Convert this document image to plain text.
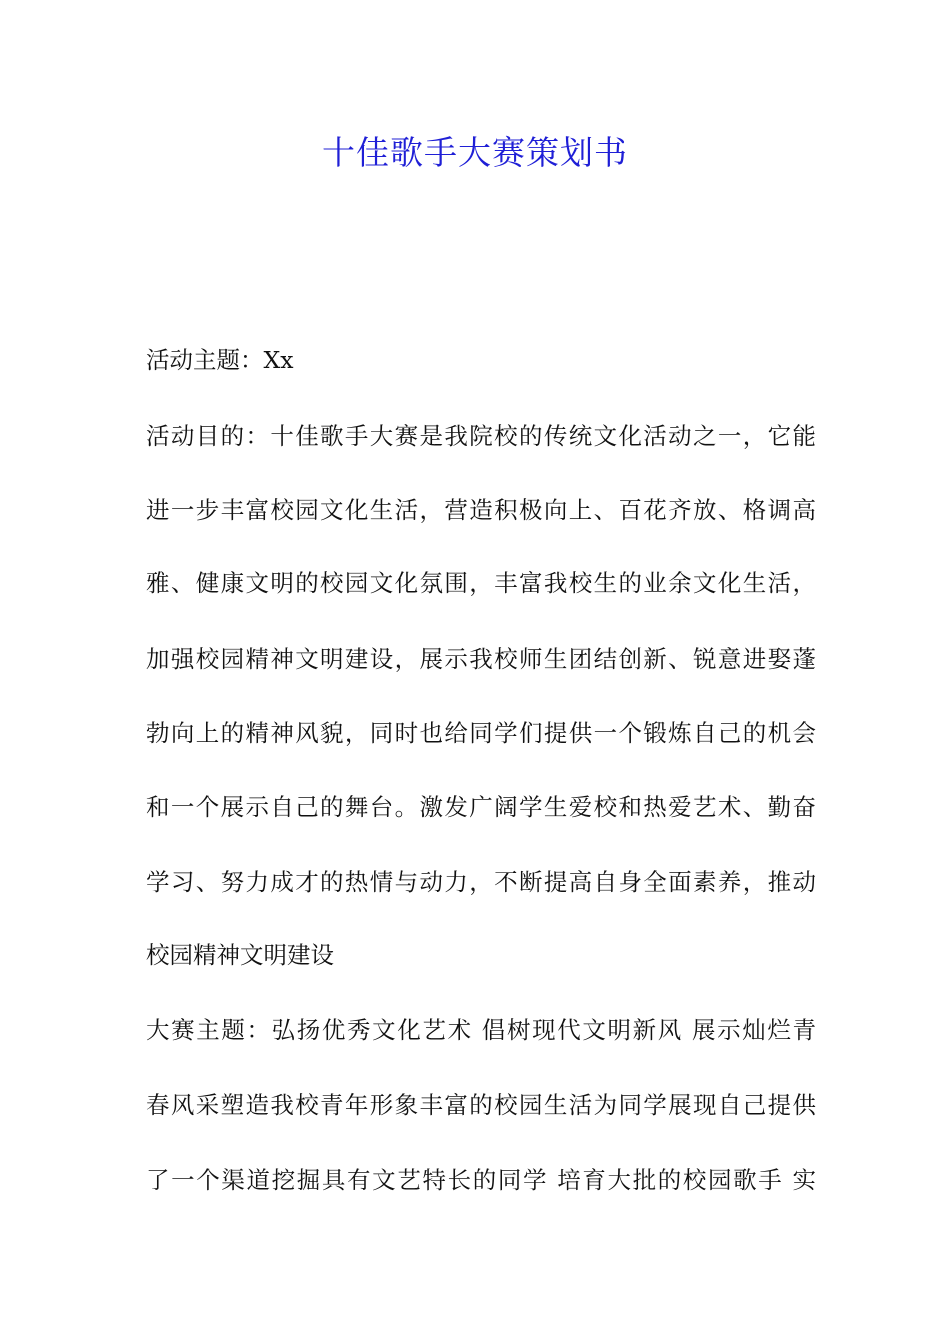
十佳歌手大赛策划书

活动主题：Xx

活动目的：十佳歌手大赛是我院校的传统文化活动之一，它能

进一步丰富校园文化生活，营造积极向上、百花齐放、格调高

雅、健康文明的校园文化氛围，丰富我校生的业余文化生活，

加强校园精神文明建设，展示我校师生团结创新、锐意进娶蓬

勃向上的精神风貌，同时也给同学们提供一个锻炼自己的机会

和一个展示自己的舞台。激发广阔学生爱校和热爱艺术、勤奋

学习、努力成才的热情与动力，不断提高自身全面素养，推动

校园精神文明建设

大赛主题：弘扬优秀文化艺术 倡树现代文明新风 展示灿烂青

春风采塑造我校青年形象丰富的校园生活为同学展现自己提供

了一个渠道挖掘具有文艺特长的同学 培育大批的校园歌手 实
